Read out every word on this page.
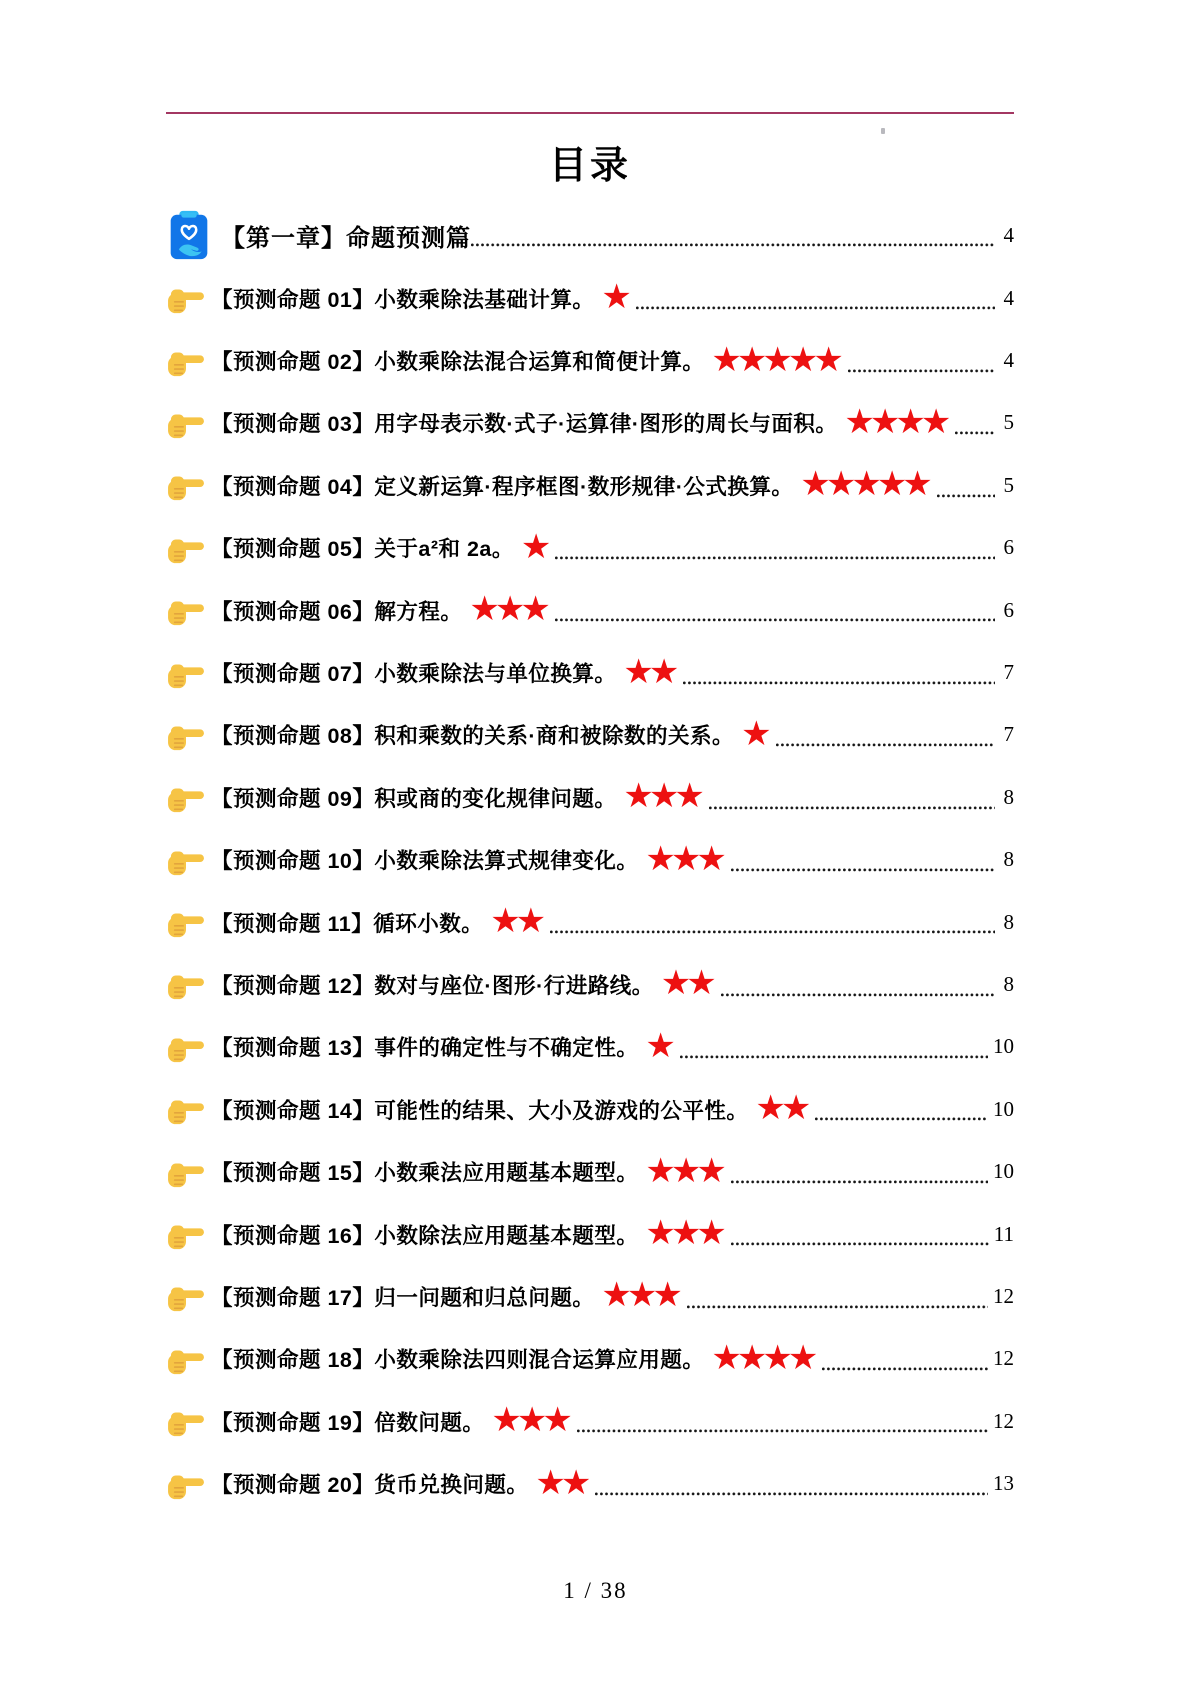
目录
【第一章】命题预测篇	4
【预测命题 01】小数乘除法基础计算。 ★	4
【预测命题 02】小数乘除法混合运算和简便计算。 ★★★★★	4
【预测命题 03】用字母表示数·式子·运算律·图形的周长与面积。 ★★★★	5
【预测命题 04】定义新运算·程序框图·数形规律·公式换算。 ★★★★★	5
【预测命题 05】关于a²和 2a。 ★	6
【预测命题 06】解方程。 ★★★	6
【预测命题 07】小数乘除法与单位换算。 ★★	7
【预测命题 08】积和乘数的关系·商和被除数的关系。 ★	7
【预测命题 09】积或商的变化规律问题。 ★★★	8
【预测命题 10】小数乘除法算式规律变化。 ★★★	8
【预测命题 11】循环小数。 ★★	8
【预测命题 12】数对与座位·图形·行进路线。 ★★	8
【预测命题 13】事件的确定性与不确定性。 ★	10
【预测命题 14】可能性的结果、大小及游戏的公平性。 ★★	10
【预测命题 15】小数乘法应用题基本题型。 ★★★	10
【预测命题 16】小数除法应用题基本题型。 ★★★	11
【预测命题 17】归一问题和归总问题。 ★★★	12
【预测命题 18】小数乘除法四则混合运算应用题。 ★★★★	12
【预测命题 19】倍数问题。 ★★★	12
【预测命题 20】货币兑换问题。 ★★	13
1 / 38
